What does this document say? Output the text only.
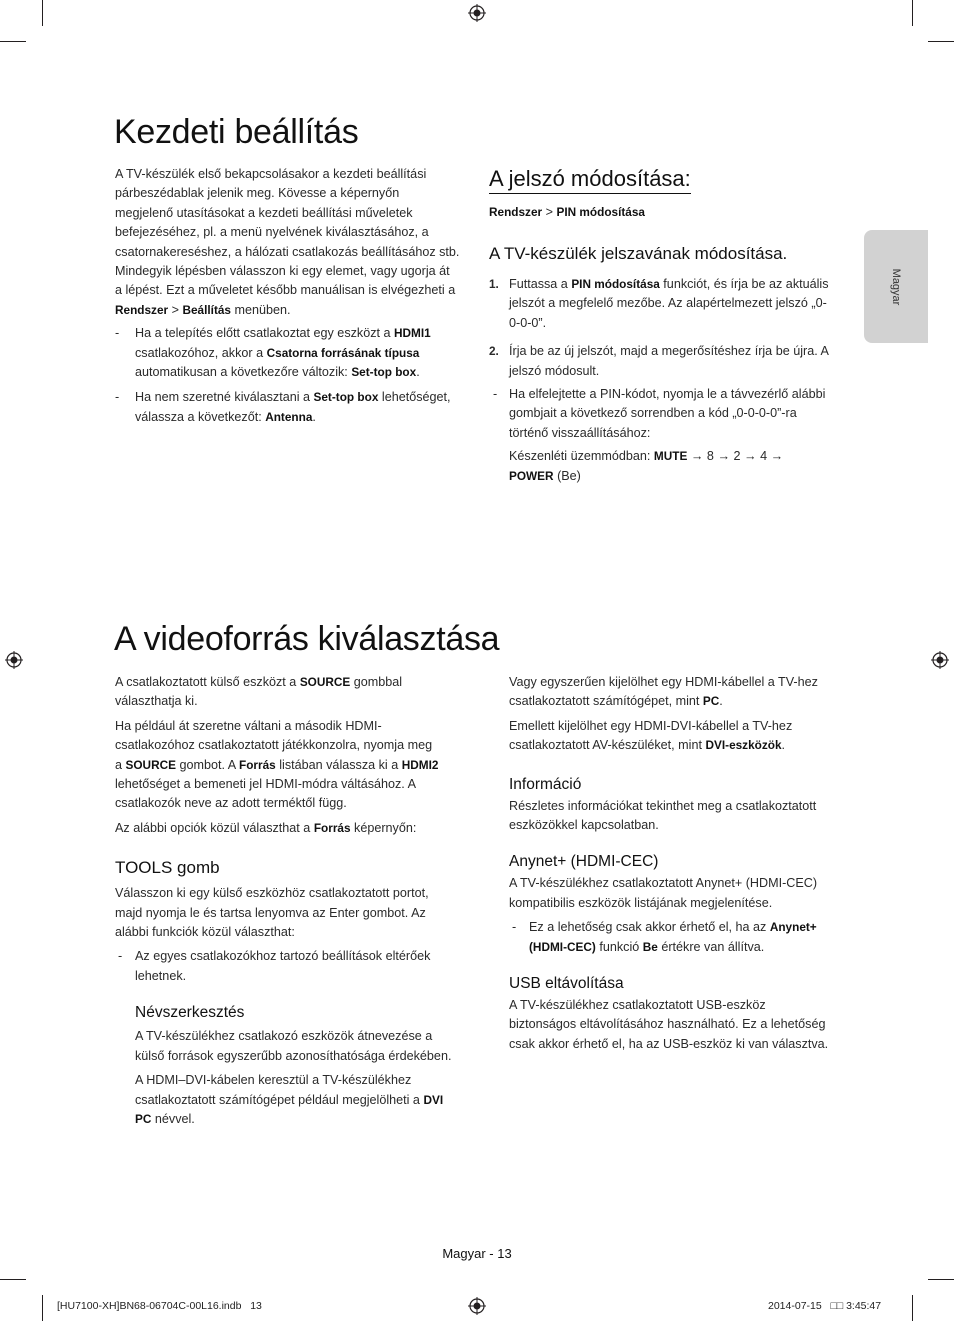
Magyar
Kezdeti beállítás

A TV-készülék első bekapcsolásakor a kezdeti beállítási
párbeszédablak jelenik meg. Kövesse a képernyőn
megjelenő utasításokat a kezdeti beállítási műveletek
befejezéséhez, pl. a menü nyelvének kiválasztásához, a
csatornakereséshez, a hálózati csatlakozás beállításához stb.
Mindegyik lépésben válasszon ki egy elemet, vagy ugorja át
a lépést. Ezt a műveletet később manuálisan is elvégezheti a
Rendszer > Beállítás menüben.

- Ha a telepítés előtt csatlakoztat egy eszközt a HDMI1
csatlakozóhoz, akkor a Csatorna forrásának típusa
automatikusan a következőre változik: Set-top box.
- Ha nem szeretné kiválasztani a Set-top box lehetőséget,
válassza a következőt: Antenna.
A jelszó módosítása:
Rendszer > PIN módosítása
A TV-készülék jelszavának módosítása.
1. Futtassa a PIN módosítása funkciót, és írja be az aktuális
jelszót a megfelelő mezőbe. Az alapértelmezett jelszó „0-
0-0-0”.
2. Írja be az új jelszót, majd a megerősítéshez írja be újra. A
jelszó módosult.
- Ha elfelejtette a PIN-kódot, nyomja le a távvezérlő alábbi
gombjait a következő sorrendben a kód „0-0-0-0”-ra
történő visszaállításához:
Készenléti üzemmódban: MUTE → 8 → 2 → 4 →
POWER (Be)
A videoforrás kiválasztása

A csatlakoztatott külső eszközt a SOURCE gombbal
választhatja ki.

Ha például át szeretne váltani a második HDMI-
csatlakozóhoz csatlakoztatott játékkonzolra, nyomja meg
a SOURCE gombot. A Forrás listában válassza ki a HDMI2
lehetőséget a bemeneti jel HDMI-módra váltásához. A
csatlakozók neve az adott terméktől függ.

Az alábbi opciók közül választhat a Forrás képernyőn:

TOOLS gomb

Válasszon ki egy külső eszközhöz csatlakoztatott portot,
majd nyomja le és tartsa lenyomva az Enter gombot. Az
alábbi funkciók közül választhat:

- Az egyes csatlakozókhoz tartozó beállítások eltérőek
lehetnek.
Névszerkesztés

A TV-készülékhez csatlakozó eszközök átnevezése a
külső források egyszerűbb azonosíthatósága érdekében.

A HDMI–DVI-kábelen keresztül a TV-készülékhez
csatlakoztatott számítógépet például megjelölheti a DVI
PC névvel.

Vagy egyszerűen kijelölhet egy HDMI-kábellel a TV-hez
csatlakoztatott számítógépet, mint PC.

Emellett kijelölhet egy HDMI-DVI-kábellel a TV-hez
csatlakoztatott AV-készüléket, mint DVI-eszközök.

Információ

Részletes információkat tekinthet meg a csatlakoztatott
eszközökkel kapcsolatban.

Anynet+ (HDMI-CEC)

A TV-készülékhez csatlakoztatott Anynet+ (HDMI-CEC)
kompatibilis eszközök listájának megjelenítése.

- Ez a lehetőség csak akkor érhető el, ha az Anynet+
(HDMI-CEC) funkció Be értékre van állítva.
USB eltávolítása

A TV-készülékhez csatlakoztatott USB-eszköz
biztonságos eltávolításához használható. Ez a lehetőség
csak akkor érhető el, ha az USB-eszköz ki van választva.

Magyar - 13
[HU7100-XH]BN68-06704C-00L16.indb   13	2014-07-15   □□ 3:45:47
